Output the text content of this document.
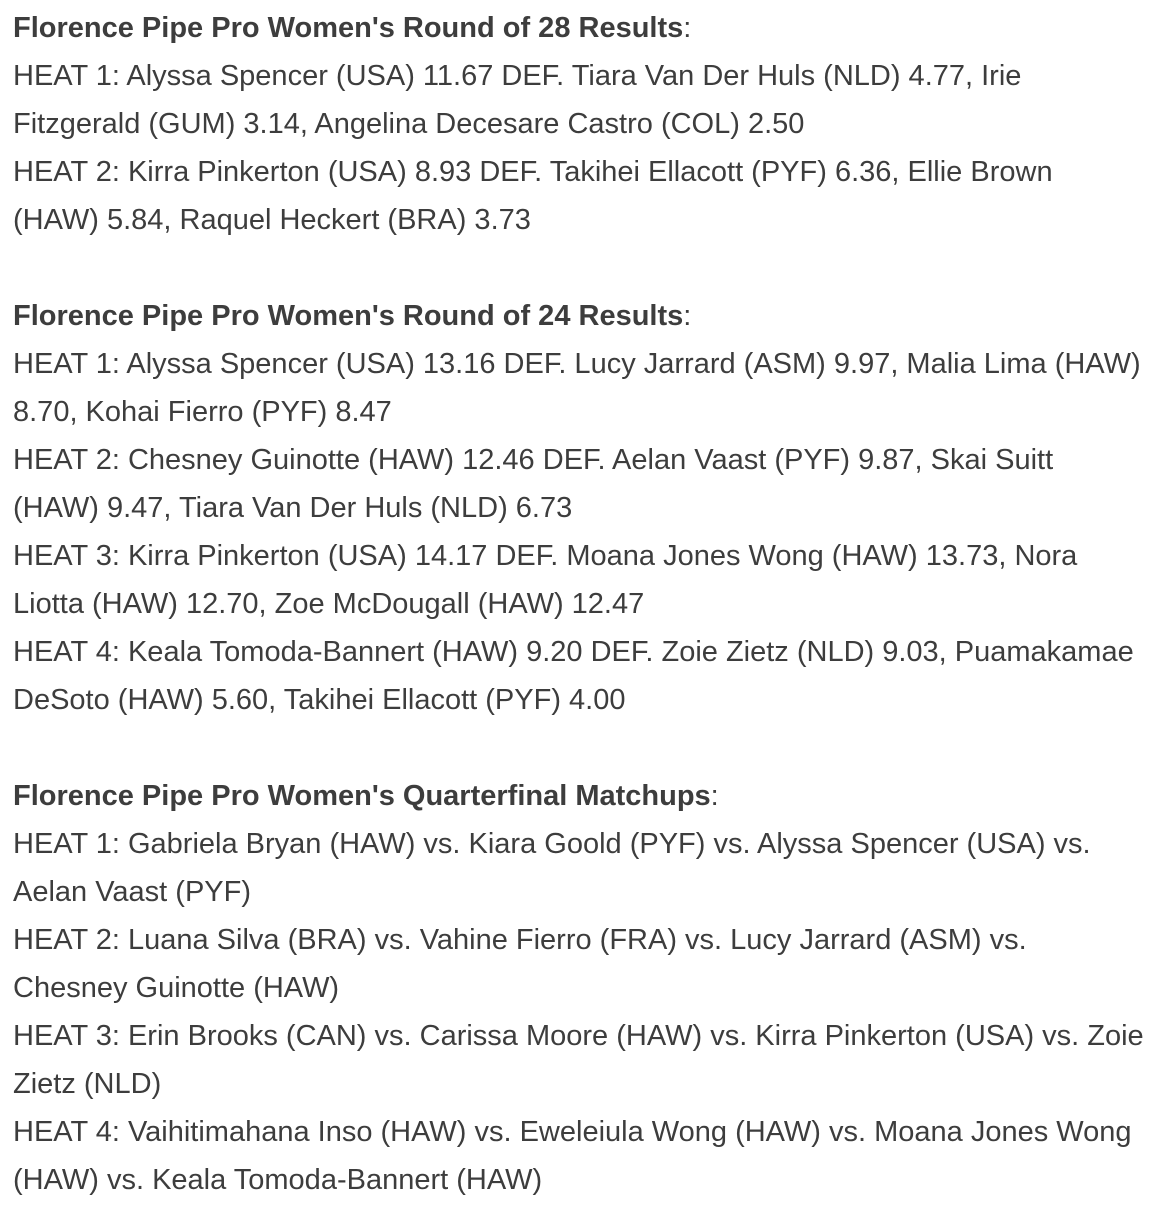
Florence Pipe Pro Women's Round of 28 Results:

HEAT 1: Alyssa Spencer (USA) 11.67 DEF. Tiara Van Der Huls (NLD) 4.77, Irie Fitzgerald (GUM) 3.14, Angelina Decesare Castro (COL) 2.50

HEAT 2: Kirra Pinkerton (USA) 8.93 DEF. Takihei Ellacott (PYF) 6.36, Ellie Brown (HAW) 5.84, Raquel Heckert (BRA) 3.73

Florence Pipe Pro Women's Round of 24 Results:

HEAT 1: Alyssa Spencer (USA) 13.16 DEF. Lucy Jarrard (ASM) 9.97, Malia Lima (HAW) 8.70, Kohai Fierro (PYF) 8.47

HEAT 2: Chesney Guinotte (HAW) 12.46 DEF. Aelan Vaast (PYF) 9.87, Skai Suitt (HAW) 9.47, Tiara Van Der Huls (NLD) 6.73

HEAT 3: Kirra Pinkerton (USA) 14.17 DEF. Moana Jones Wong (HAW) 13.73, Nora Liotta (HAW) 12.70, Zoe McDougall (HAW) 12.47

HEAT 4: Keala Tomoda-Bannert (HAW) 9.20 DEF. Zoie Zietz (NLD) 9.03, Puamakamae DeSoto (HAW) 5.60, Takihei Ellacott (PYF) 4.00

Florence Pipe Pro Women's Quarterfinal Matchups:

HEAT 1: Gabriela Bryan (HAW) vs. Kiara Goold (PYF) vs. Alyssa Spencer (USA) vs. Aelan Vaast (PYF)

HEAT 2: Luana Silva (BRA) vs. Vahine Fierro (FRA) vs. Lucy Jarrard (ASM) vs. Chesney Guinotte (HAW)

HEAT 3: Erin Brooks (CAN) vs. Carissa Moore (HAW) vs. Kirra Pinkerton (USA) vs. Zoie Zietz (NLD)

HEAT 4: Vaihitimahana Inso (HAW) vs. Eweleiula Wong (HAW) vs. Moana Jones Wong (HAW) vs. Keala Tomoda-Bannert (HAW)
